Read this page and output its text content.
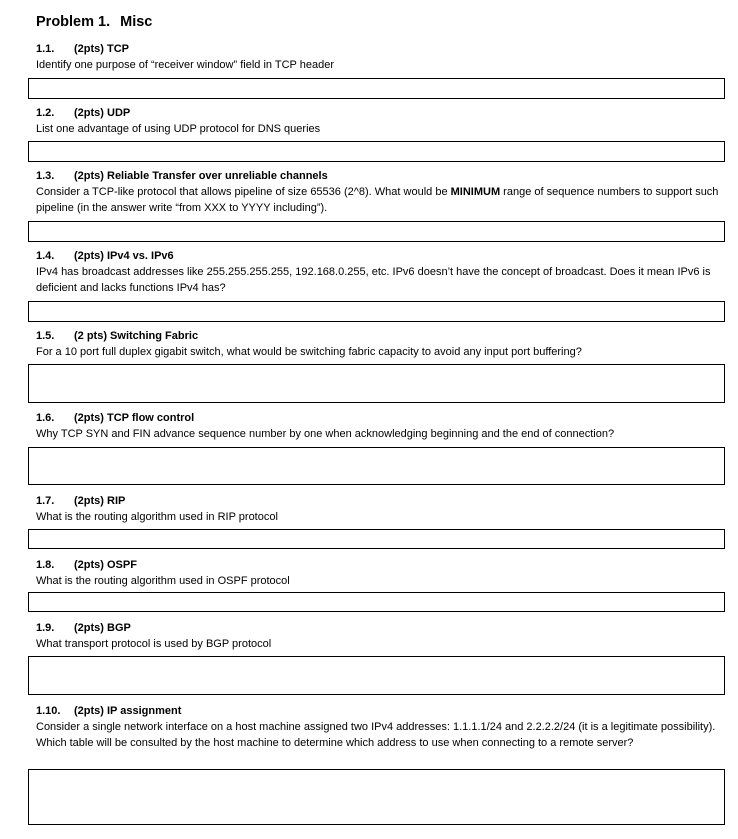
Problem 1. Misc
1.1. (2pts) TCP
Identify one purpose of “receiver window” field in TCP header
1.2. (2pts) UDP
List one advantage of using UDP protocol for DNS queries
1.3. (2pts) Reliable Transfer over unreliable channels
Consider a TCP-like protocol that allows pipeline of size 65536 (2^8). What would be MINIMUM range of sequence numbers to support such pipeline (in the answer write “from XXX to YYYY including”).
1.4. (2pts) IPv4 vs. IPv6
IPv4 has broadcast addresses like 255.255.255.255, 192.168.0.255, etc. IPv6 doesn’t have the concept of broadcast. Does it mean IPv6 is deficient and lacks functions IPv4 has?
1.5. (2 pts) Switching Fabric
For a 10 port full duplex gigabit switch, what would be switching fabric capacity to avoid any input port buffering?
1.6. (2pts) TCP flow control
Why TCP SYN and FIN advance sequence number by one when acknowledging beginning and the end of connection?
1.7. (2pts) RIP
What is the routing algorithm used in RIP protocol
1.8. (2pts) OSPF
What is the routing algorithm used in OSPF protocol
1.9. (2pts) BGP
What transport protocol is used by BGP protocol
1.10. (2pts) IP assignment
Consider a single network interface on a host machine assigned two IPv4 addresses: 1.1.1.1/24 and 2.2.2.2/24 (it is a legitimate possibility). Which table will be consulted by the host machine to determine which address to use when connecting to a remote server?
